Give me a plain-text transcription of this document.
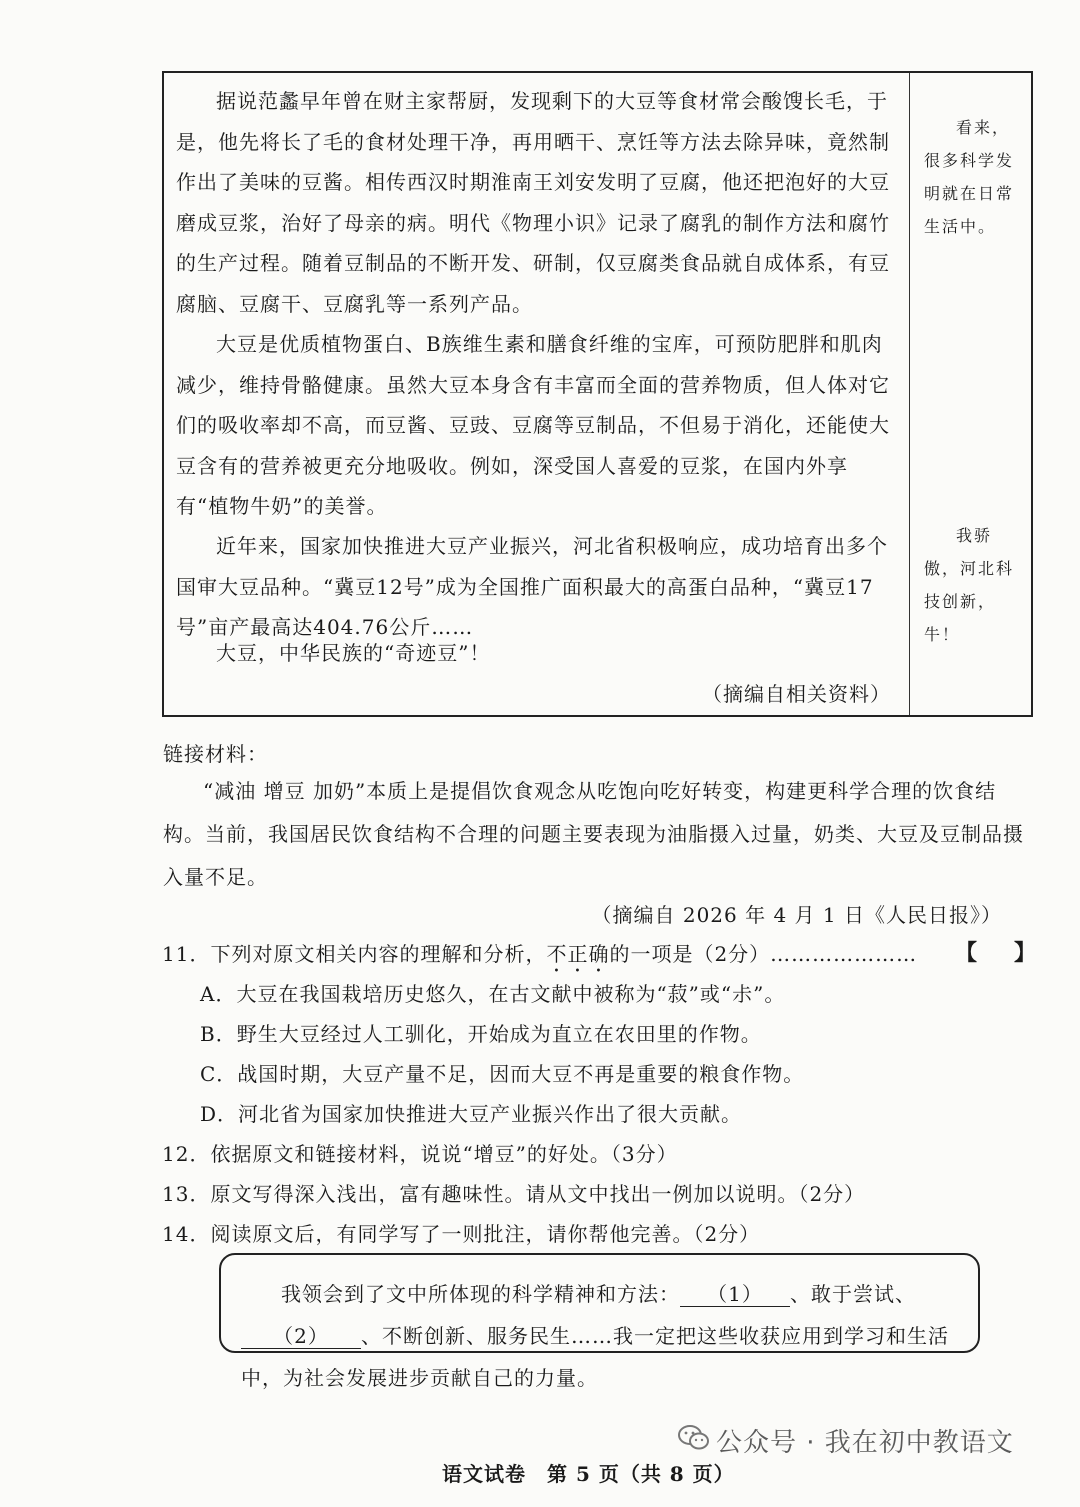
据说范蠡早年曾在财主家帮厨，发现剩下的大豆等食材常会酸馊长毛，于是，他先将长了毛的食材处理干净，再用晒干、烹饪等方法去除异味，竟然制作出了美味的豆酱。相传西汉时期淮南王刘安发明了豆腐，他还把泡好的大豆磨成豆浆，治好了母亲的病。明代《物理小识》记录了腐乳的制作方法和腐竹的生产过程。随着豆制品的不断开发、研制，仅豆腐类食品就自成体系，有豆腐脑、豆腐干、豆腐乳等一系列产品。

大豆是优质植物蛋白、B族维生素和膳食纤维的宝库，可预防肥胖和肌肉减少，维持骨骼健康。虽然大豆本身含有丰富而全面的营养物质，但人体对它们的吸收率却不高，而豆酱、豆豉、豆腐等豆制品，不但易于消化，还能使大豆含有的营养被更充分地吸收。例如，深受国人喜爱的豆浆，在国内外享有“植物牛奶”的美誉。

近年来，国家加快推进大豆产业振兴，河北省积极响应，成功培育出多个国审大豆品种。“冀豆12号”成为全国推广面积最大的高蛋白品种，“冀豆17号”亩产最高达404.76公斤……

大豆，中华民族的“奇迹豆”！

（摘编自相关资料）

看来，很多科学发明就在日常生活中。

我骄傲，河北科技创新，牛！

链接材料：

“减油 增豆 加奶”本质上是提倡饮食观念从吃饱向吃好转变，构建更科学合理的饮食结构。当前，我国居民饮食结构不合理的问题主要表现为油脂摄入过量，奶类、大豆及豆制品摄入量不足。

（摘编自 2026 年 4 月 1 日《人民日报》）

11．下列对原文相关内容的理解和分析，不正确的一项是（2分）………………… 【 】

A．大豆在我国栽培历史悠久，在古文献中被称为“菽”或“尗”。

B．野生大豆经过人工驯化，开始成为直立在农田里的作物。

C．战国时期，大豆产量不足，因而大豆不再是重要的粮食作物。

D．河北省为国家加快推进大豆产业振兴作出了很大贡献。

12．依据原文和链接材料，说说“增豆”的好处。（3分）

13．原文写得深入浅出，富有趣味性。请从文中找出一例加以说明。（2分）

14．阅读原文后，有同学写了一则批注，请你帮他完善。（2分）

我领会到了文中所体现的科学精神和方法： （1） 、敢于尝试、（2） 、不断创新、服务民生……我一定把这些收获应用到学习和生活中，为社会发展进步贡献自己的力量。

语文试卷　第 5 页（共 8 页）
公众号 · 我在初中教语文
